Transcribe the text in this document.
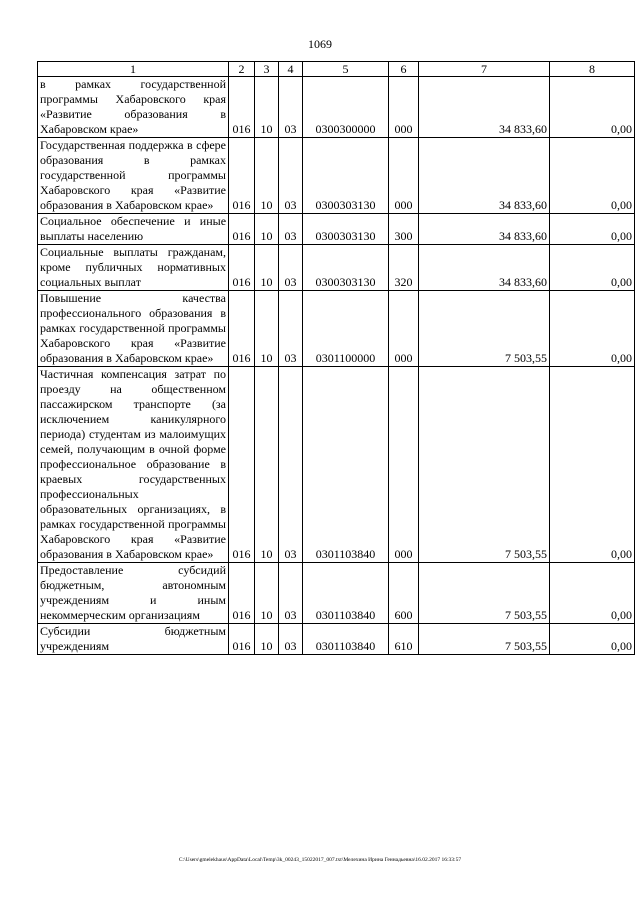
1069
1	2	3	4	5	6	7	8
в рамках государственной программы Хабаровского края «Развитие образования в Хабаровском крае»	016	10	03	0300300000	000	34 833,60	0,00
Государственная поддержка в сфере образования в рамках государственной программы Хабаровского края «Развитие образования в Хабаровском крае»	016	10	03	0300303130	000	34 833,60	0,00
Социальное обеспечение и иные выплаты населению	016	10	03	0300303130	300	34 833,60	0,00
Социальные выплаты гражданам, кроме публичных нормативных социальных выплат	016	10	03	0300303130	320	34 833,60	0,00
Повышение качества профессионального образования в рамках государственной программы Хабаровского края «Развитие образования в Хабаровском крае»	016	10	03	0301100000	000	7 503,55	0,00
Частичная компенсация затрат по проезду на общественном пассажирском транспорте (за исключением каникулярного периода) студентам из малоимущих семей, получающим в очной форме профессиональное образование в краевых государственных профессиональных образовательных организациях, в рамках государственной программы Хабаровского края «Развитие образования в Хабаровском крае»	016	10	03	0301103840	000	7 503,55	0,00
Предоставление субсидий бюджетным, автономным учреждениям и иным некоммерческим организациям	016	10	03	0301103840	600	7 503,55	0,00
Субсидии бюджетным учреждениям	016	10	03	0301103840	610	7 503,55	0,00
C:\Users\gmelekhaus\AppData\Local\Temp\3k_00243_15022017_007.txt\Мелехина Ирина Геннадьевна\16.02.2017 16:33:57
